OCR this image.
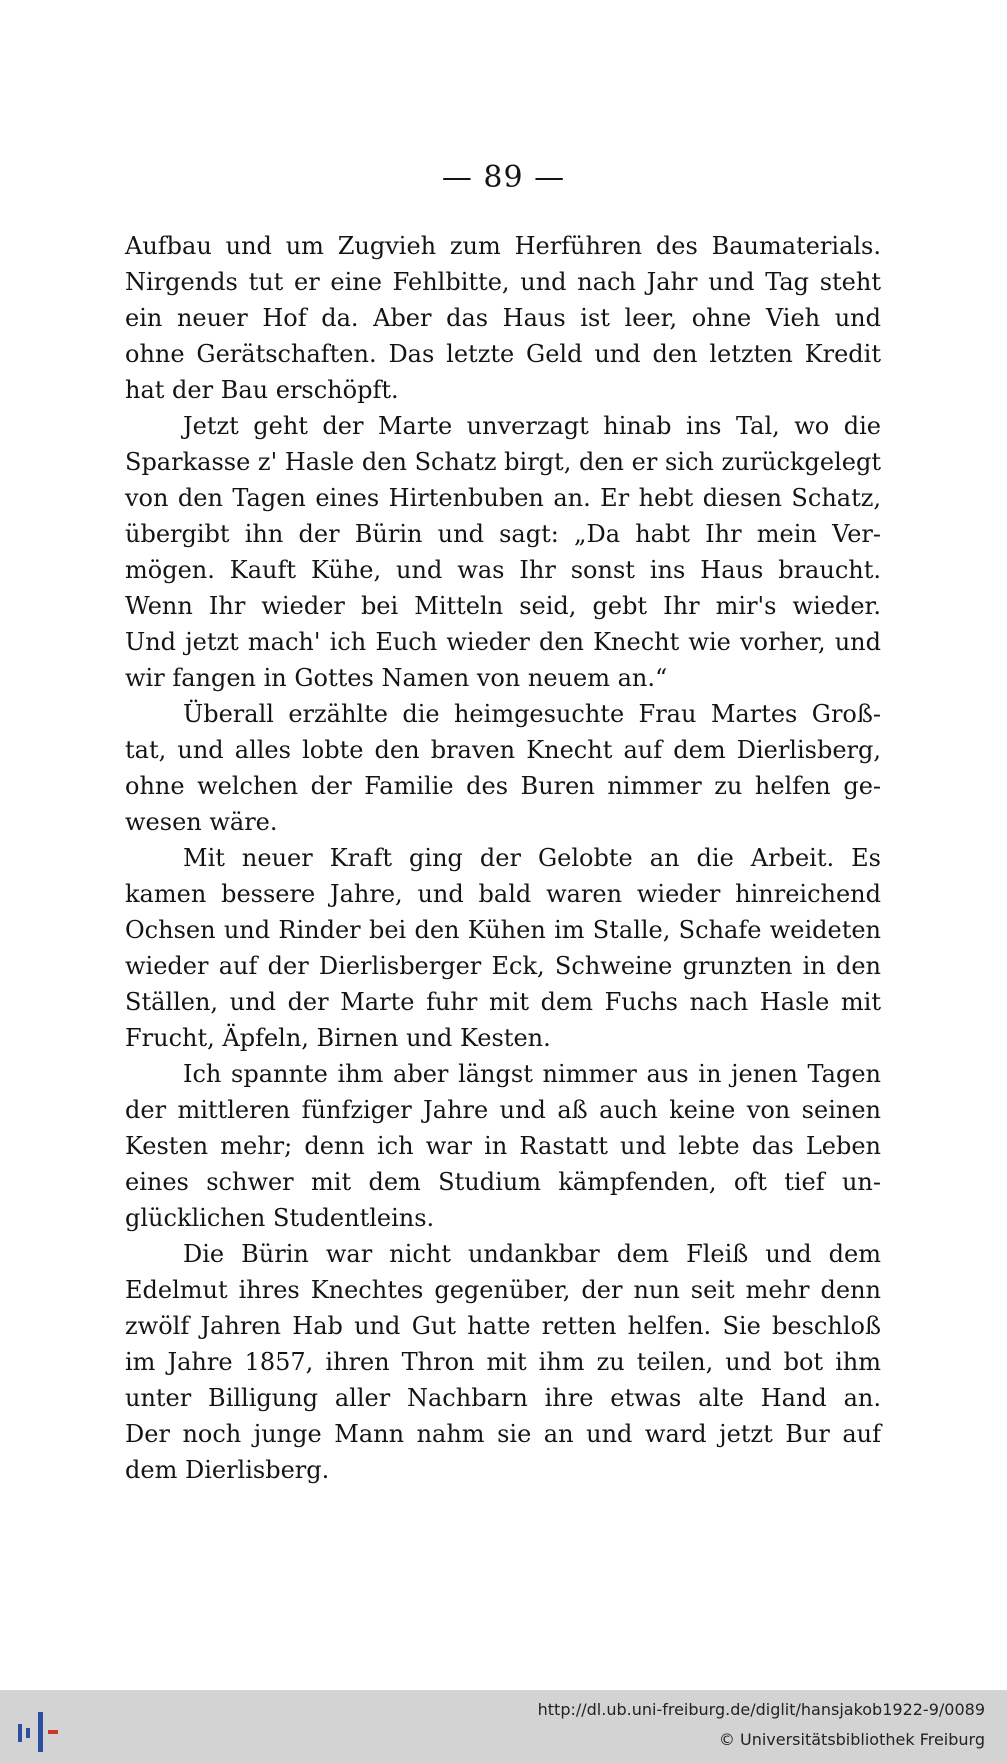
— 89 —

Aufbau und um Zugvieh zum Herführen des Baumaterials.
Nirgends tut er eine Fehlbitte, und nach Jahr und Tag steht
ein neuer Hof da. Aber das Haus ist leer, ohne Vieh und
ohne Gerätschaften. Das letzte Geld und den letzten Kredit
hat der Bau erschöpft.

Jetzt geht der Marte unverzagt hinab ins Tal, wo die
Sparkasse z' Hasle den Schatz birgt, den er sich zurückgelegt
von den Tagen eines Hirtenbuben an. Er hebt diesen Schatz,
übergibt ihn der Bürin und sagt: „Da habt Ihr mein Ver-
mögen. Kauft Kühe, und was Ihr sonst ins Haus braucht.
Wenn Ihr wieder bei Mitteln seid, gebt Ihr mir's wieder.
Und jetzt mach' ich Euch wieder den Knecht wie vorher, und
wir fangen in Gottes Namen von neuem an.“

Überall erzählte die heimgesuchte Frau Martes Groß-
tat, und alles lobte den braven Knecht auf dem Dierlisberg,
ohne welchen der Familie des Buren nimmer zu helfen ge-
wesen wäre.

Mit neuer Kraft ging der Gelobte an die Arbeit. Es
kamen bessere Jahre, und bald waren wieder hinreichend
Ochsen und Rinder bei den Kühen im Stalle, Schafe weideten
wieder auf der Dierlisberger Eck, Schweine grunzten in den
Ställen, und der Marte fuhr mit dem Fuchs nach Hasle mit
Frucht, Äpfeln, Birnen und Kesten.

Ich spannte ihm aber längst nimmer aus in jenen Tagen
der mittleren fünfziger Jahre und aß auch keine von seinen
Kesten mehr; denn ich war in Rastatt und lebte das Leben
eines schwer mit dem Studium kämpfenden, oft tief un-
glücklichen Studentleins.

Die Bürin war nicht undankbar dem Fleiß und dem
Edelmut ihres Knechtes gegenüber, der nun seit mehr denn
zwölf Jahren Hab und Gut hatte retten helfen. Sie beschloß
im Jahre 1857, ihren Thron mit ihm zu teilen, und bot ihm
unter Billigung aller Nachbarn ihre etwas alte Hand an.
Der noch junge Mann nahm sie an und ward jetzt Bur auf
dem Dierlisberg.

http://dl.ub.uni-freiburg.de/diglit/hansjakob1922-9/0089
© Universitätsbibliothek Freiburg
